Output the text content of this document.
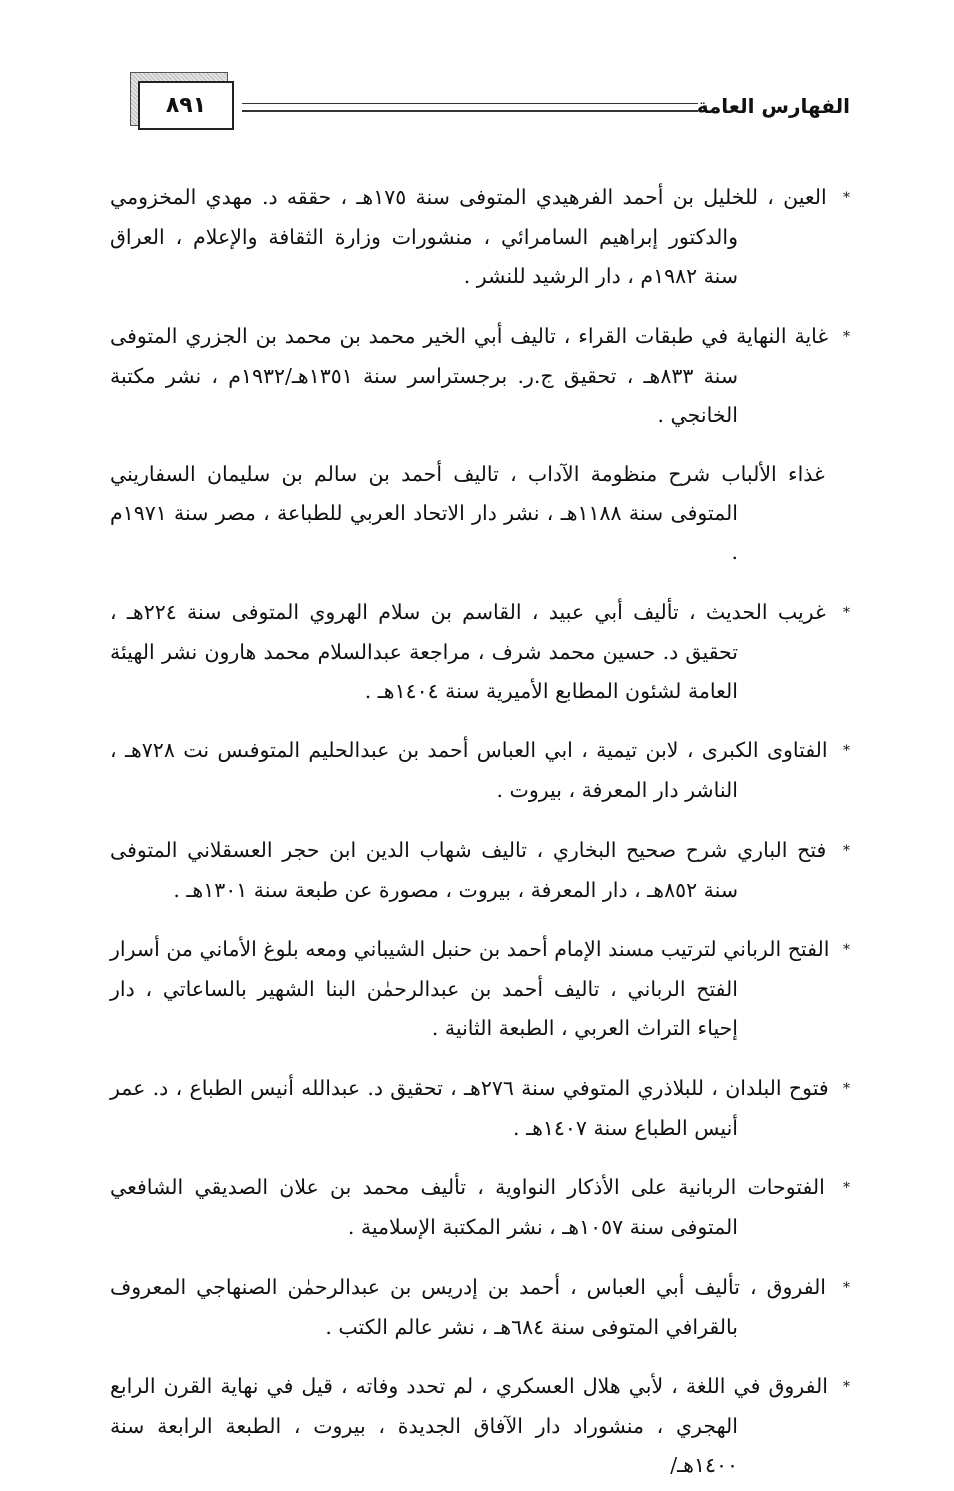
٨٩١	الفهارس العامة

* العين ، للخليل بن أحمد الفرهيدي المتوفى سنة ١٧٥هـ ، حققه د. مهدي المخزومي والدكتور إبراهيم السامرائي ، منشورات وزارة الثقافة والإعلام ، العراق سنة ١٩٨٢م ، دار الرشيد للنشر .

* غاية النهاية في طبقات القراء ، تاليف أبي الخير محمد بن محمد بن الجزري المتوفى سنة ٨٣٣هـ ، تحقيق ج.ر. برجستراسر سنة ١٣٥١هـ/١٩٣٢م ، نشر مكتبة الخانجي .

غذاء الألباب شرح منظومة الآداب ، تاليف أحمد بن سالم بن سليمان السفاريني المتوفى سنة ١١٨٨هـ ، نشر دار الاتحاد العربي للطباعة ، مصر سنة ١٩٧١م .

* غريب الحديث ، تأليف أبي عبيد ، القاسم بن سلام الهروي المتوفى سنة ٢٢٤هـ ، تحقيق د. حسين محمد شرف ، مراجعة عبدالسلام محمد هارون نشر الهيئة العامة لشئون المطابع الأميرية سنة ١٤٠٤هـ .

* الفتاوى الكبرى ، لابن تيمية ، ابي العباس أحمد بن عبدالحليم المتوفىس نت ٧٢٨هـ ، الناشر دار المعرفة ، بيروت .

* فتح الباري شرح صحيح البخاري ، تاليف شهاب الدين ابن حجر العسقلاني المتوفى سنة ٨٥٢هـ ، دار المعرفة ، بيروت ، مصورة عن طبعة سنة ١٣٠١هـ .

* الفتح الرباني لترتيب مسند الإمام أحمد بن حنبل الشيباني ومعه بلوغ الأماني من أسرار الفتح الرباني ، تاليف أحمد بن عبدالرحمٰن البنا الشهير بالساعاتي ، دار إحياء التراث العربي ، الطبعة الثانية .

* فتوح البلدان ، للبلاذري المتوفي سنة ٢٧٦هـ ، تحقيق د. عبدالله أنيس الطباع ، د. عمر أنيس الطباع سنة ١٤٠٧هـ .

* الفتوحات الربانية على الأذكار النواوية ، تأليف محمد بن علان الصديقي الشافعي المتوفى سنة ١٠٥٧هـ ، نشر المكتبة الإسلامية .

* الفروق ، تأليف أبي العباس ، أحمد بن إدريس بن عبدالرحمٰن الصنهاجي المعروف بالقرافي المتوفى سنة ٦٨٤هـ ، نشر عالم الكتب .

* الفروق في اللغة ، لأبي هلال العسكري ، لم تحدد وفاته ، قيل في نهاية القرن الرابع الهجري ، منشوراد دار الآفاق الجديدة ، بيروت ، الطبعة الرابعة سنة ١٤٠٠هـ/
